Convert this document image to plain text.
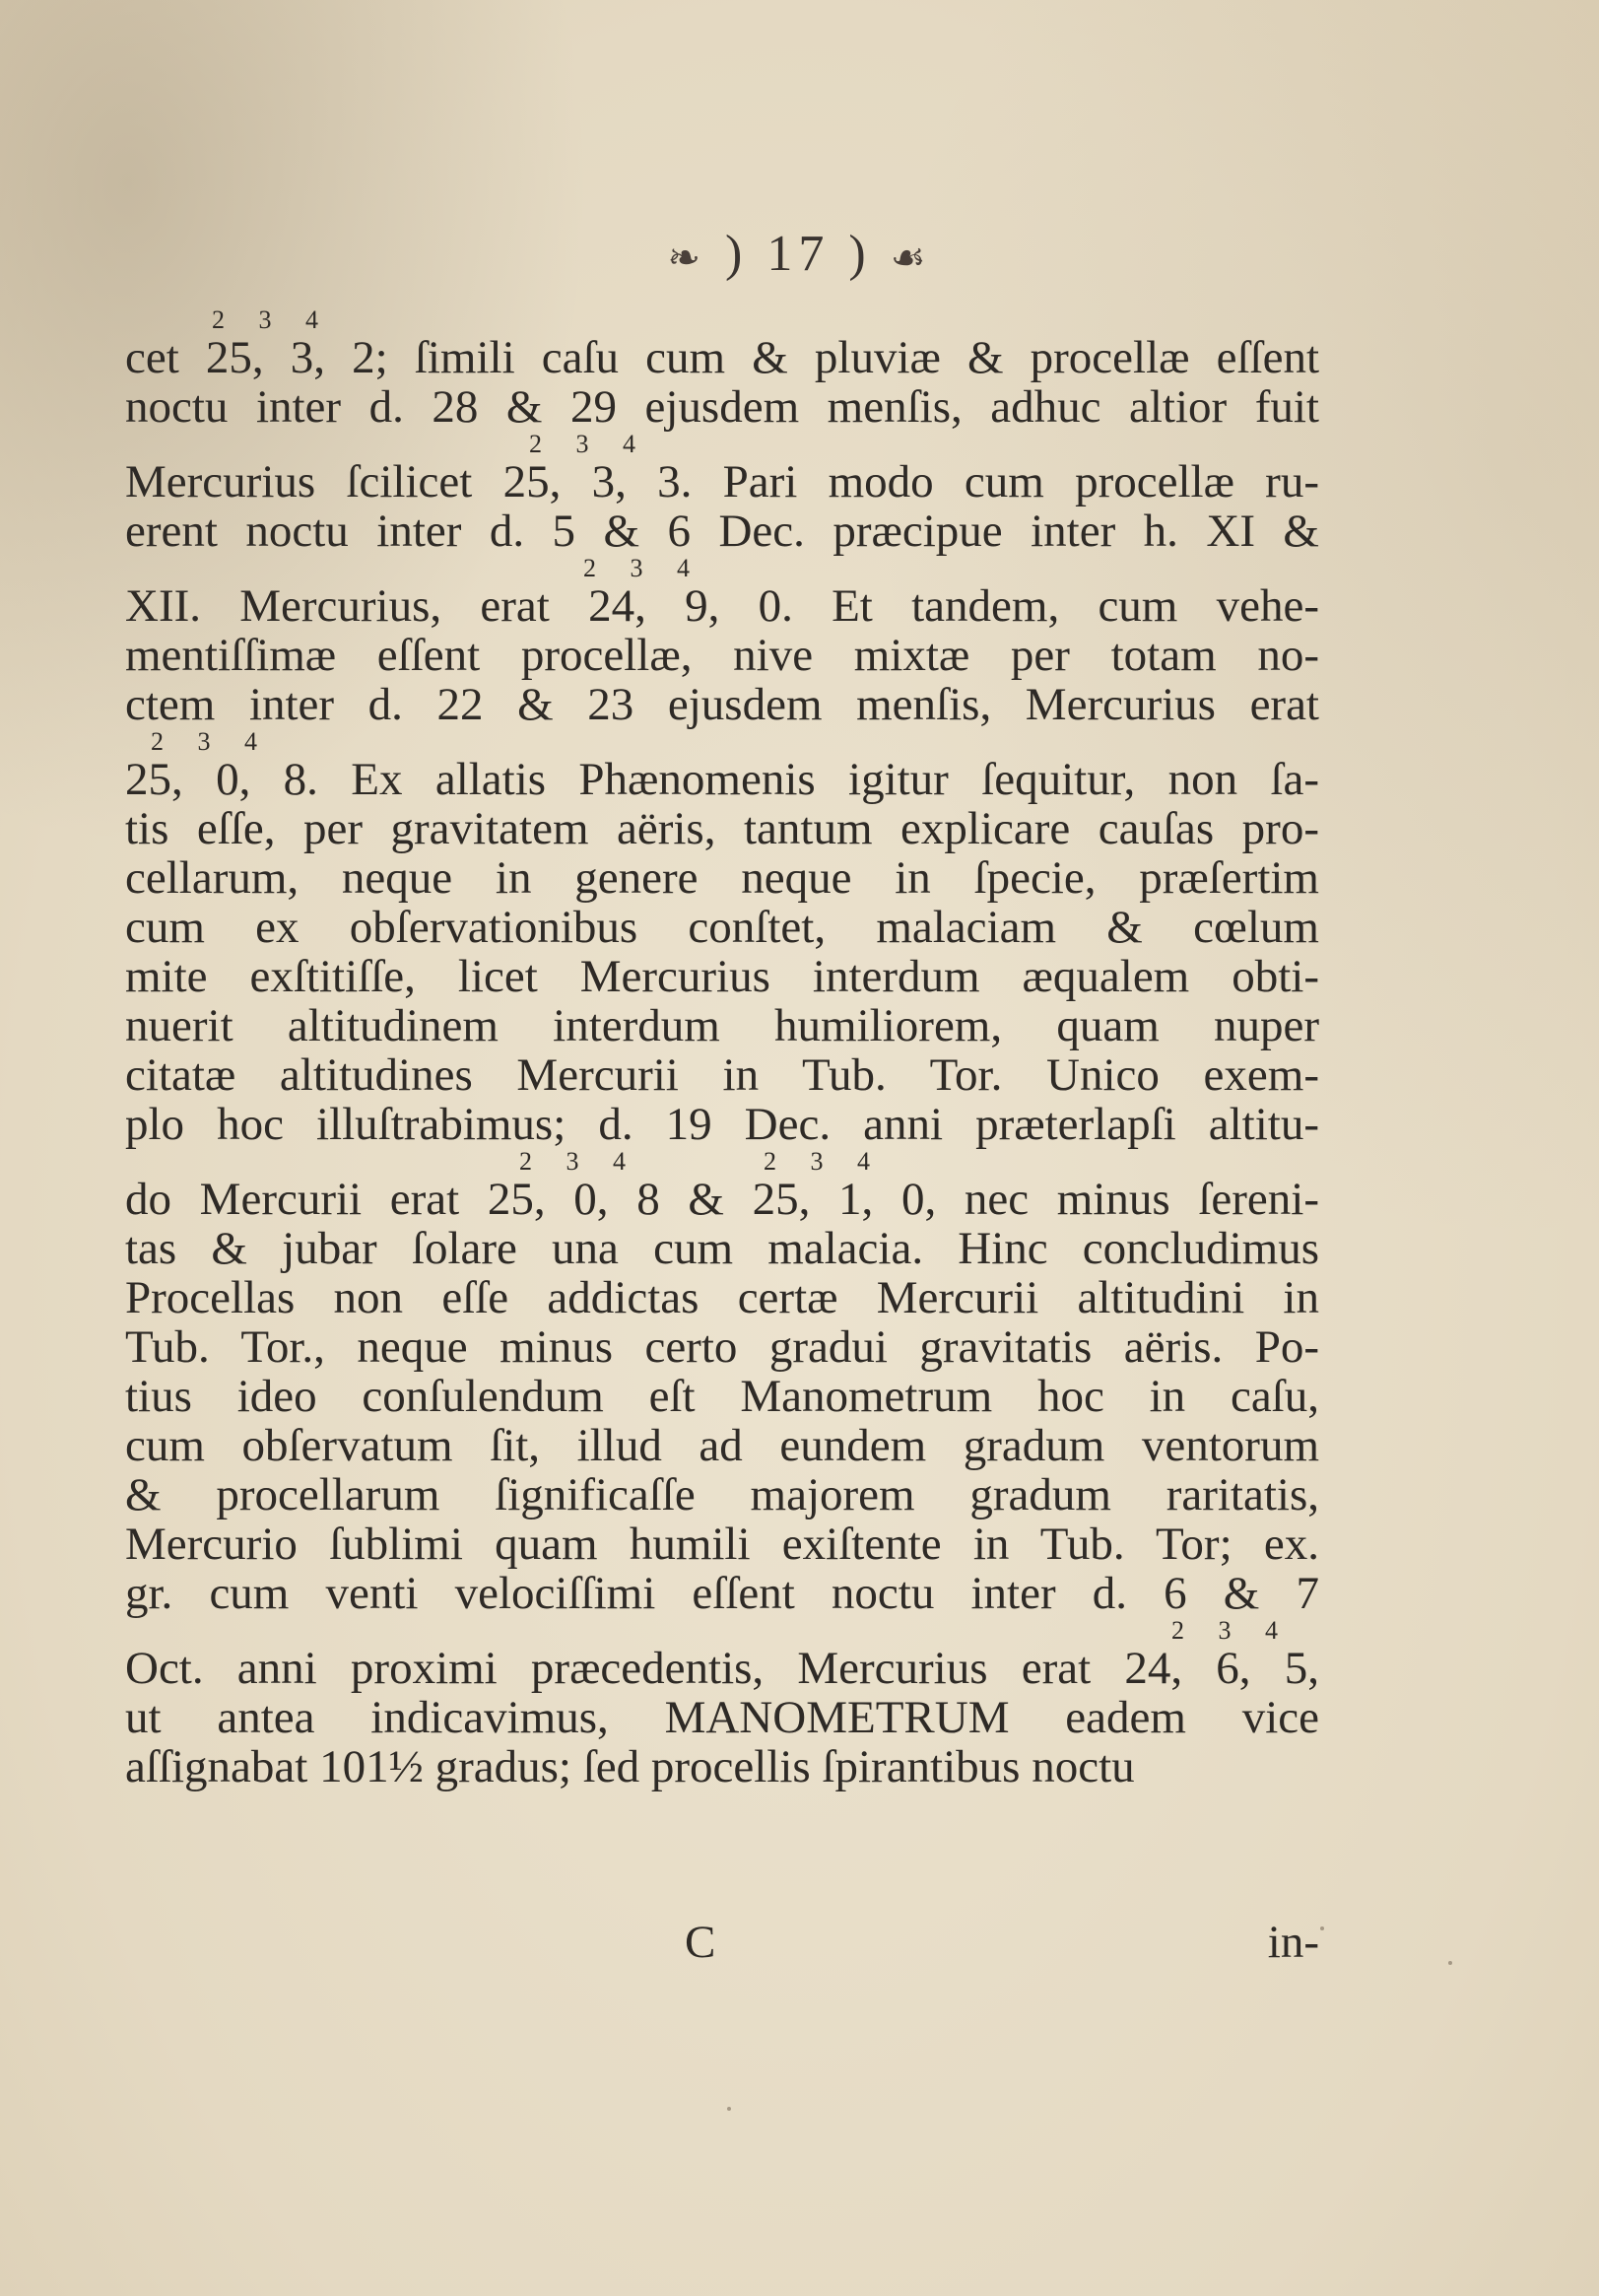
❧ ) 17 ) ☙
2 3 4
cet 25, 3, 2; ſimili caſu cum & pluviæ & procellæ eſſent
noctu inter d. 28 & 29 ejusdem menſis, adhuc altior fuit
2 3 4
Mercurius ſcilicet 25, 3, 3. Pari modo cum procellæ ru-
erent noctu inter d. 5 & 6 Dec. præcipue inter h. XI &
2 3 4
XII. Mercurius, erat 24, 9, 0. Et tandem, cum vehe-
mentiſſimæ eſſent procellæ, nive mixtæ per totam no-
ctem inter d. 22 & 23 ejusdem menſis, Mercurius erat
2 3 4
25, 0, 8. Ex allatis Phænomenis igitur ſequitur, non ſa-
tis eſſe, per gravitatem aëris, tantum explicare cauſas pro-
cellarum, neque in genere neque in ſpecie, præſertim
cum ex obſervationibus conſtet, malaciam & cœlum
mite exſtitiſſe, licet Mercurius interdum æqualem obti-
nuerit altitudinem interdum humiliorem, quam nuper
citatæ altitudines Mercurii in Tub. Tor. Unico exem-
plo hoc illuſtrabimus; d. 19 Dec. anni præterlapſi altitu-
2 3 4	2 3 4
do Mercurii erat 25, 0, 8 & 25, 1, 0, nec minus ſereni-
tas & jubar ſolare una cum malacia. Hinc concludimus
Procellas non eſſe addictas certæ Mercurii altitudini in
Tub. Tor., neque minus certo gradui gravitatis aëris. Po-
tius ideo conſulendum eſt Manometrum hoc in caſu,
cum obſervatum ſit, illud ad eundem gradum ventorum
& procellarum ſignificaſſe majorem gradum raritatis,
Mercurio ſublimi quam humili exiſtente in Tub. Tor; ex.
gr. cum venti velociſſimi eſſent noctu inter d. 6 & 7
2 3 4
Oct. anni proximi præcedentis, Mercurius erat 24, 6, 5,
ut antea indicavimus, MANOMETRUM eadem vice
aſſignabat 101½ gradus; ſed procellis ſpirantibus noctu
C	in-
